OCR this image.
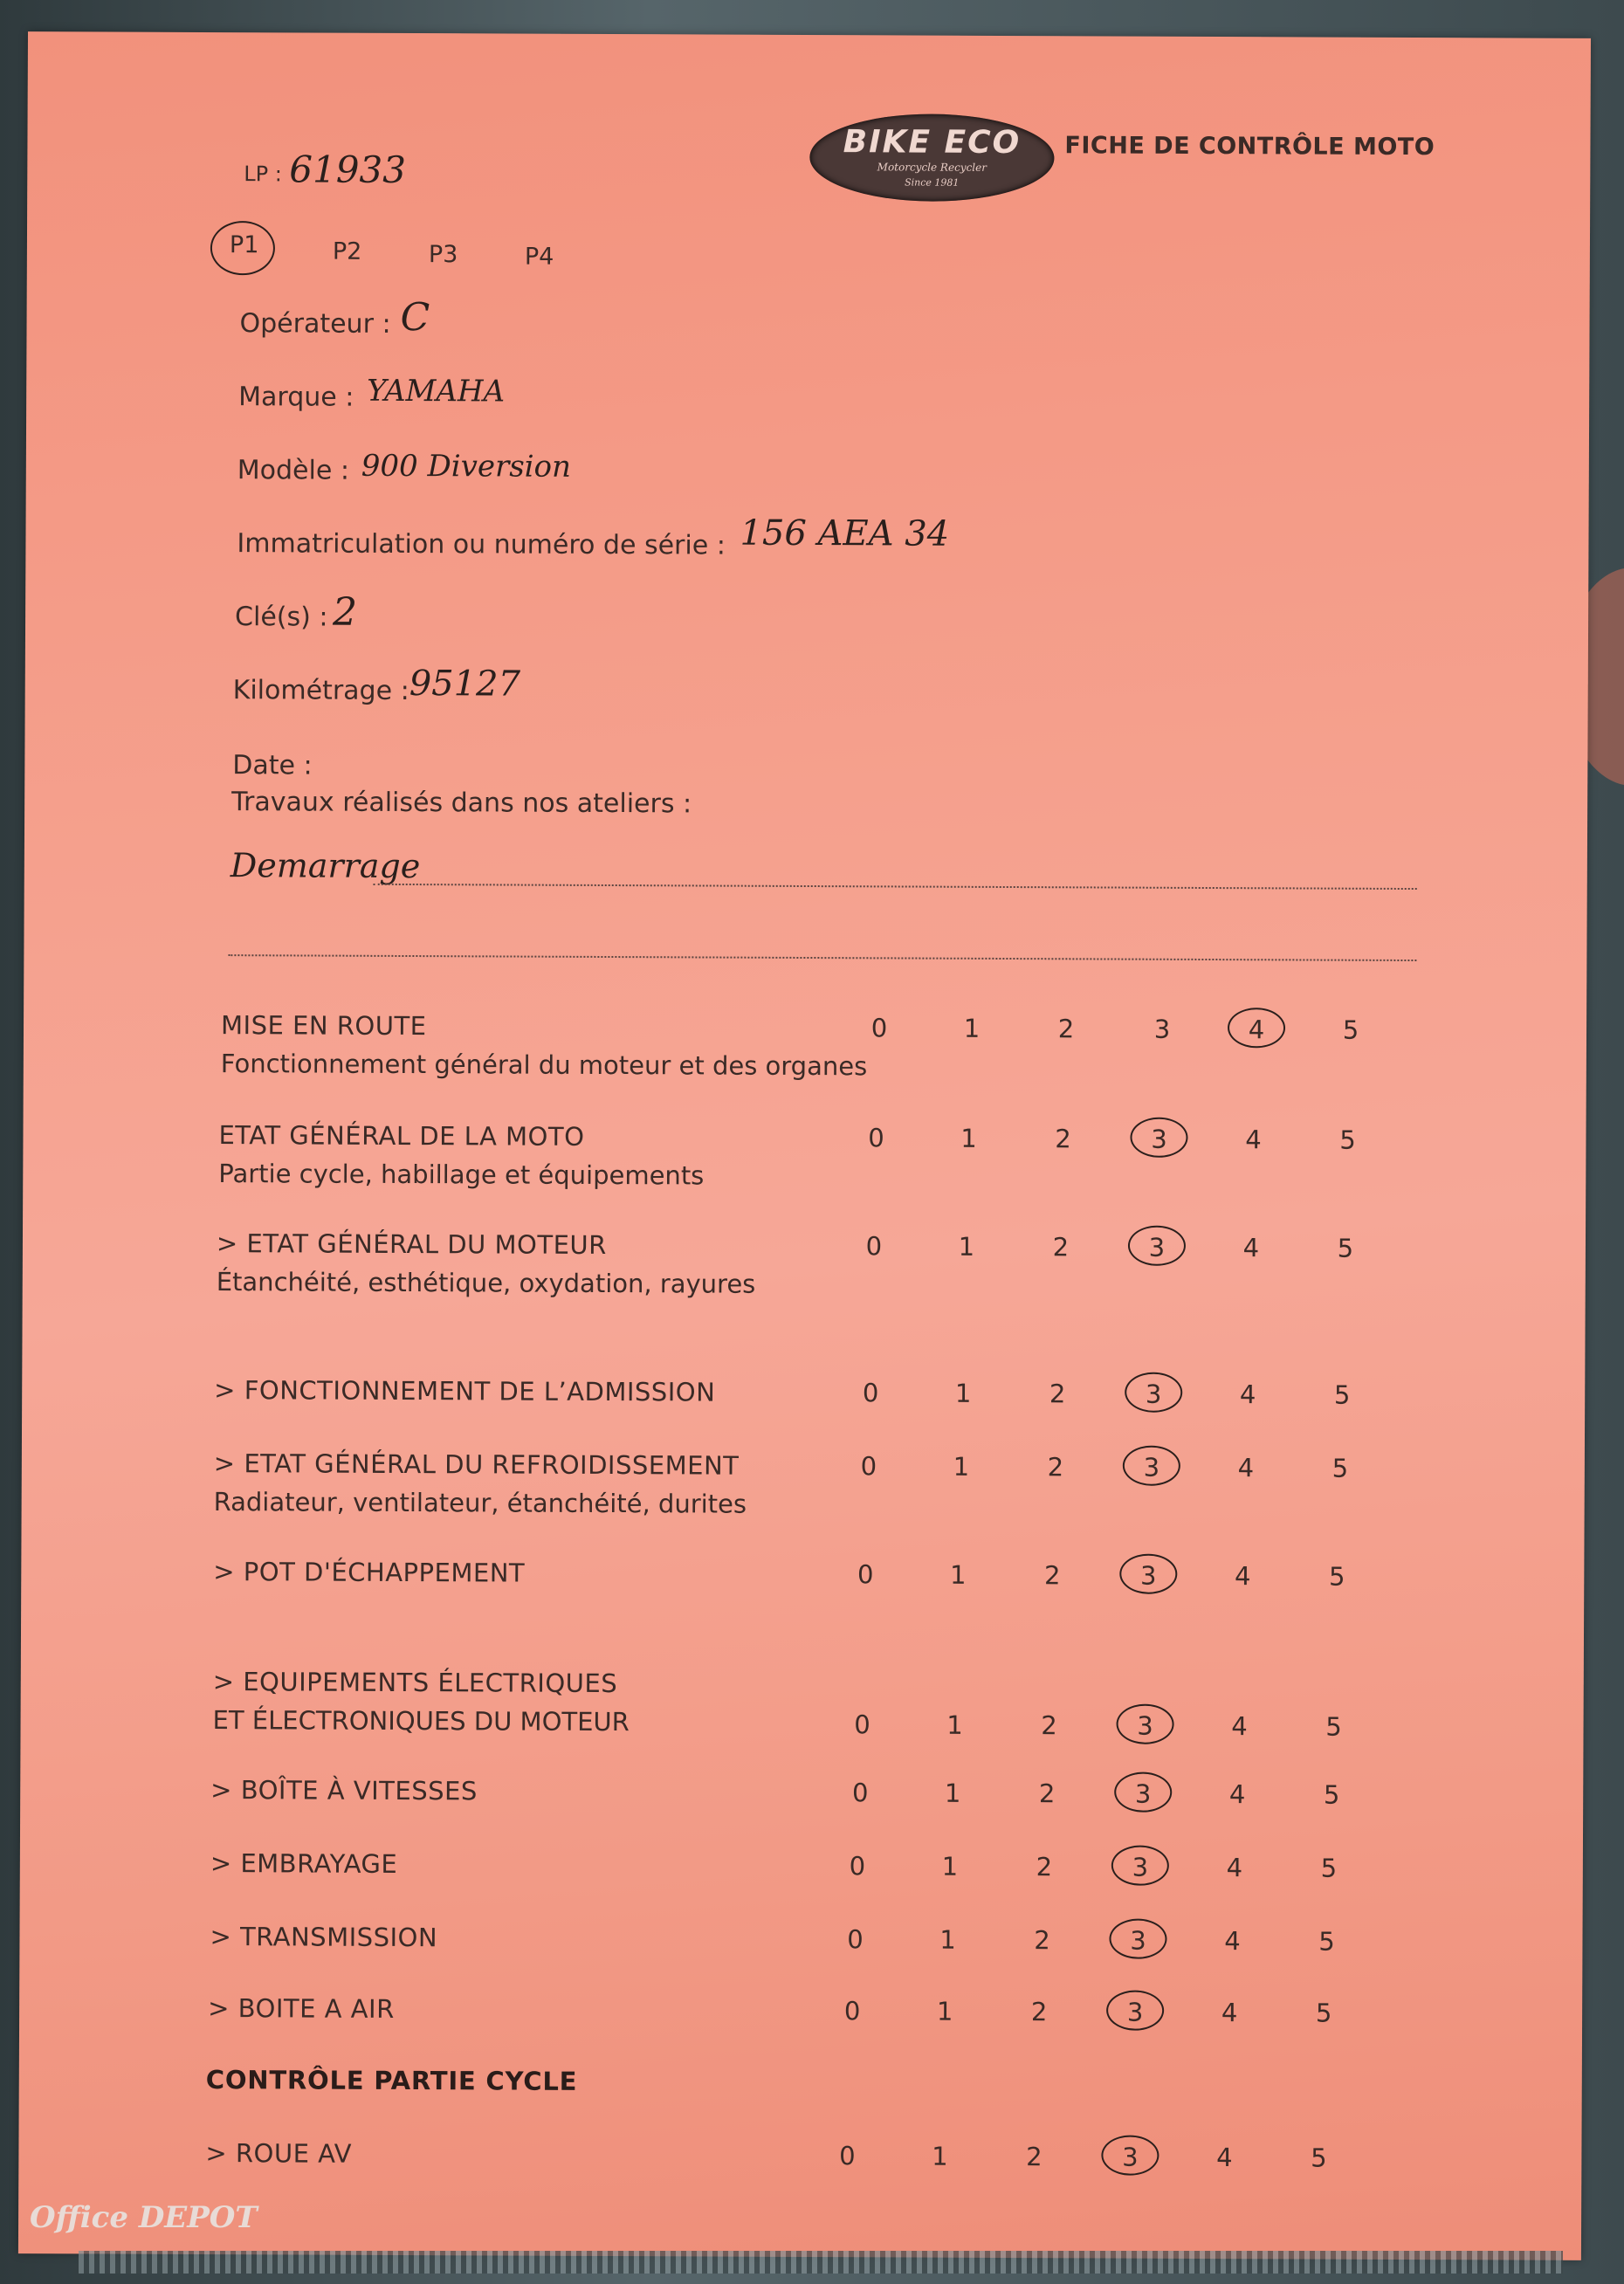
BIKE ECO
Motorcycle Recycler
Since 1981
FICHE DE CONTRÔLE MOTO
LP : 61933
P1	P2	P3	P4
Opérateur : C
Marque : YAMAHA
Modèle : 900 Diversion
Immatriculation ou numéro de série : 156 AEA 34
Clé(s) : 2
Kilométrage : 95127
Date :
Travaux réalisés dans nos ateliers :
Demarrage
MISE EN ROUTE
Fonctionnement général du moteur et des organes
0	1	2	3	4	5
ETAT GÉNÉRAL DE LA MOTO
Partie cycle, habillage et équipements
0	1	2	3	4	5
> ETAT GÉNÉRAL DU MOTEUR
Étanchéité, esthétique, oxydation, rayures
0	1	2	3	4	5
> FONCTIONNEMENT DE L’ADMISSION	0	1	2	3	4	5
> ETAT GÉNÉRAL DU REFROIDISSEMENT
Radiateur, ventilateur, étanchéité, durites
0	1	2	3	4	5
> POT D'ÉCHAPPEMENT	0	1	2	3	4	5
> EQUIPEMENTS ÉLECTRIQUES
ET ÉLECTRONIQUES DU MOTEUR	0	1	2	3	4	5
> BOÎTE À VITESSES	0	1	2	3	4	5
> EMBRAYAGE	0	1	2	3	4	5
> TRANSMISSION	0	1	2	3	4	5
> BOITE A AIR	0	1	2	3	4	5
CONTRÔLE PARTIE CYCLE
> ROUE AV	0	1	2	3	4	5
Office DEPOT
